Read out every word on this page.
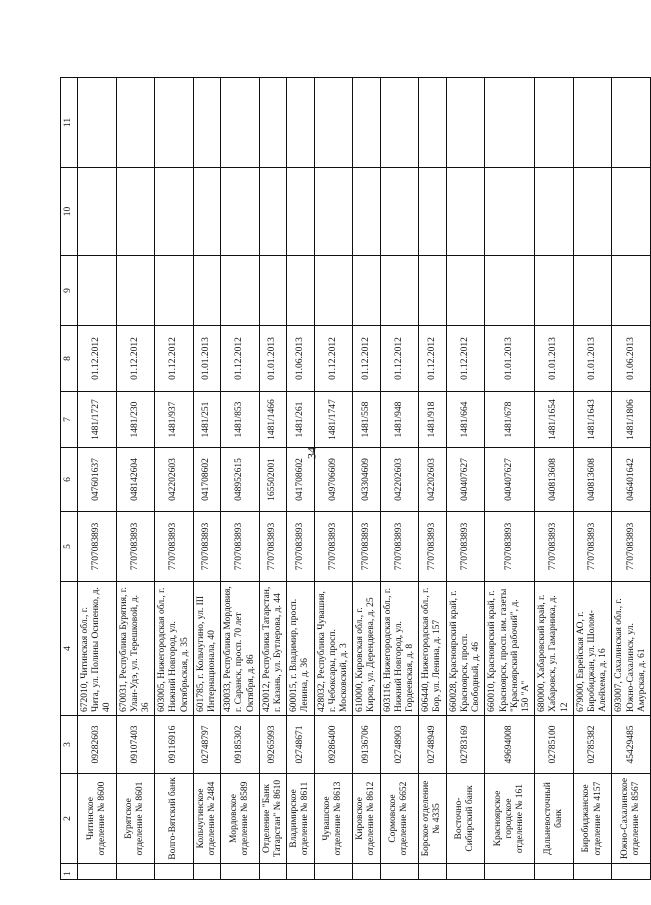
34
1	2	3	4	5	6	7	8	9	10	11
	Читинское отделение № 8600	09282603	672010, Читинская обл., г. Чита, ул. Полины Осипенко, д. 40	7707083893	047601637	1481/1727	01.12.2012			
	Бурятское отделение № 8601	09107403	670031, Республика Бурятия, г. Улан-Удэ, ул. Терешковой, д. 36	7707083893	048142604	1481/230	01.12.2012			
	Волго-Вятский банк	09116916	603005, Нижегородская обл., г. Нижний Новгород, ул. Октябрьская, д. 35	7707083893	042202603	1481/937	01.12.2012			
	Кольчугинское отделение № 2484	02748797	601785, г. Кольчугино, ул. III Интернационала, 40	7707083893	041708602	1481/251	01.01.2013			
	Мордовское отделение № 8589	09185302	430033, Республика Мордовия, г. Саранск, просп. 70 лет Октября, д. 86	7707083893	048952615	1481/853	01.12.2012			
	Отделение "Банк Татарстан" № 8610	09265993	420012, Республика Татарстан, г. Казань, ул. Бутлерова, д. 44	7707083893	165502001	1481/1466	01.01.2013			
	Владимирское отделение № 8611	02748671	600015, г. Владимир, просп. Ленина, д. 36	7707083893	041708602	1481/261	01.06.2013			
	Чувашское отделение № 8613	09286400	428032, Республика Чувашия, г. Чебоксары, просп. Московский, д. 3	7707083893	049706609	1481/1747	01.12.2012			
	Кировское отделение № 8612	09136706	610000, Кировская обл., г. Киров, ул. Дерендяева, д. 25	7707083893	043304609	1481/558	01.12.2012			
	Сормовское отделение № 6652	02748903	603116, Нижегородская обл., г. Нижний Новгород, ул. Гордеевская, д. 8	7707083893	042202603	1481/948	01.12.2012			
	Борское отделение № 4335	02748949	606440, Нижегородская обл., г. Бор, ул. Ленина, д. 157	7707083893	042202603	1481/918	01.12.2012			
	Восточно-Сибирский банк	02783169	660028, Красноярский край, г. Красноярск, просп. Свободный, д. 46	7707083893	040407627	1481/664	01.12.2012			
	Красноярское городское отделение № 161	49694008	660010, Красноярский край, г. Красноярск, просп. им. газеты "Красноярский рабочий", д. 150 "А"	7707083893	040407627	1481/678	01.01.2013			
	Дальневосточный банк	02785100	680000, Хабаровский край, г. Хабаровск, ул. Гамарника, д. 12	7707083893	040813608	1481/1654	01.01.2013			
	Биробиджанское отделение № 4157	02785382	679000, Еврейская АО, г. Биробиджан, ул. Шолом-Алейхема, д. 16	7707083893	040813608	1481/1643	01.01.2013			
	Южно-Сахалинское отделение № 8567	45429485	693007, Сахалинская обл., г. Южно-Сахалинск, ул. Амурская, д. 61	7707083893	046401642	1481/1806	01.06.2013			
